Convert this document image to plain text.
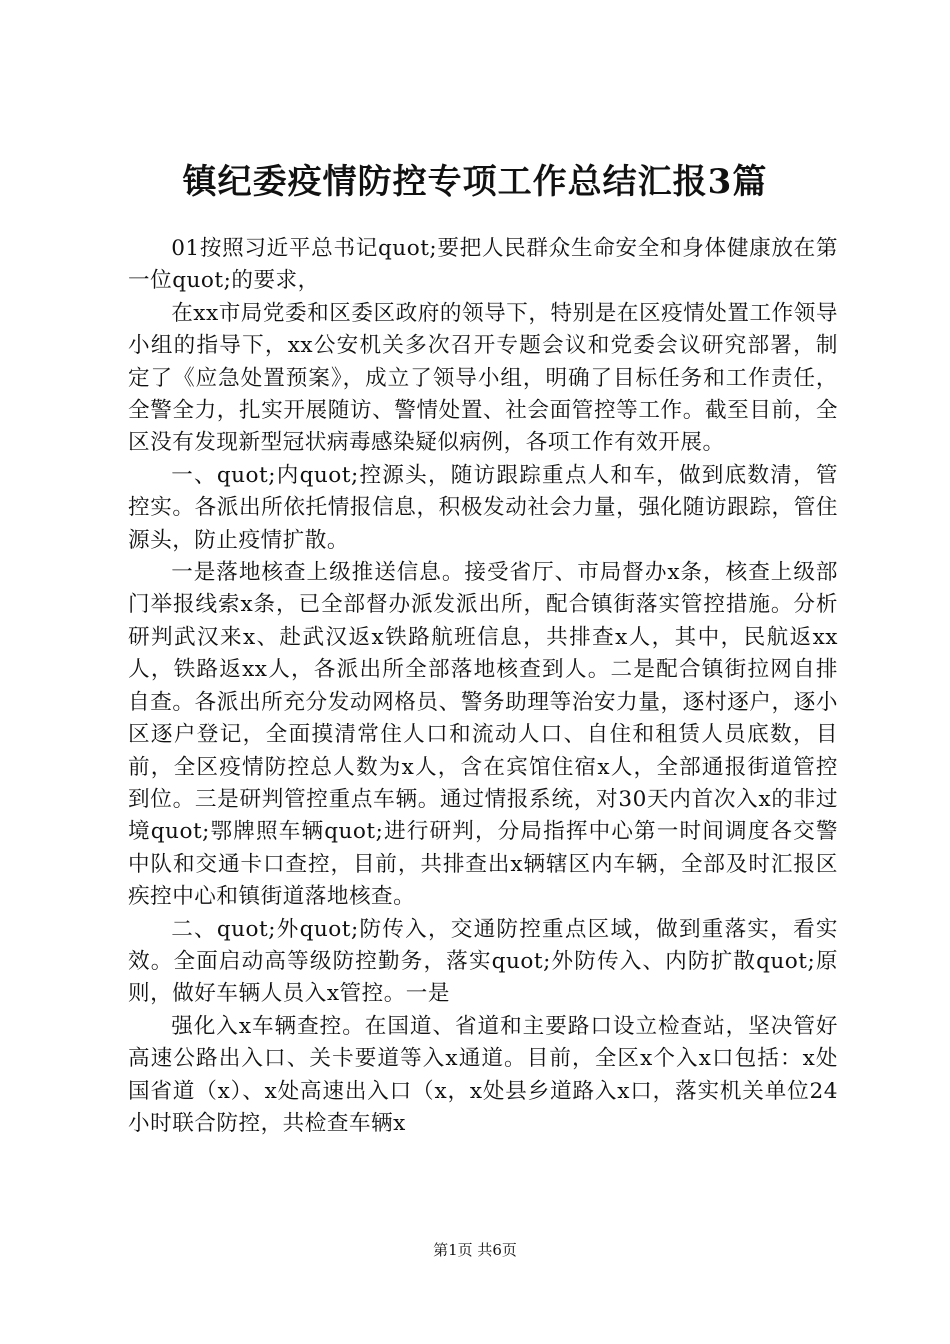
镇纪委疫情防控专项工作总结汇报3篇

01按照习近平总书记quot;要把人民群众生命安全和身体健康放在第一位quot;的要求，

在xx市局党委和区委区政府的领导下，特别是在区疫情处置工作领导小组的指导下，xx公安机关多次召开专题会议和党委会议研究部署，制定了《应急处置预案》，成立了领导小组，明确了目标任务和工作责任，全警全力，扎实开展随访、警情处置、社会面管控等工作。截至目前，全区没有发现新型冠状病毒感染疑似病例，各项工作有效开展。

一、quot;内quot;控源头，随访跟踪重点人和车，做到底数清，管控实。各派出所依托情报信息，积极发动社会力量，强化随访跟踪，管住源头，防止疫情扩散。

一是落地核查上级推送信息。接受省厅、市局督办x条，核查上级部门举报线索x条，已全部督办派发派出所，配合镇街落实管控措施。分析研判武汉来x、赴武汉返x铁路航班信息，共排查x人，其中，民航返xx人，铁路返xx人，各派出所全部落地核查到人。二是配合镇街拉网自排自查。各派出所充分发动网格员、警务助理等治安力量，逐村逐户，逐小区逐户登记，全面摸清常住人口和流动人口、自住和租赁人员底数，目前，全区疫情防控总人数为x人，含在宾馆住宿x人，全部通报街道管控到位。三是研判管控重点车辆。通过情报系统，对30天内首次入x的非过境quot;鄂牌照车辆quot;进行研判，分局指挥中心第一时间调度各交警中队和交通卡口查控，目前，共排查出x辆辖区内车辆，全部及时汇报区疾控中心和镇街道落地核查。

二、quot;外quot;防传入，交通防控重点区域，做到重落实，看实效。全面启动高等级防控勤务，落实quot;外防传入、内防扩散quot;原则，做好车辆人员入x管控。一是

强化入x车辆查控。在国道、省道和主要路口设立检查站，坚决管好高速公路出入口、关卡要道等入x通道。目前，全区x个入x口包括：x处国省道（x）、x处高速出入口（x，x处县乡道路入x口，落实机关单位24小时联合防控，共检查车辆x

第1页 共6页
